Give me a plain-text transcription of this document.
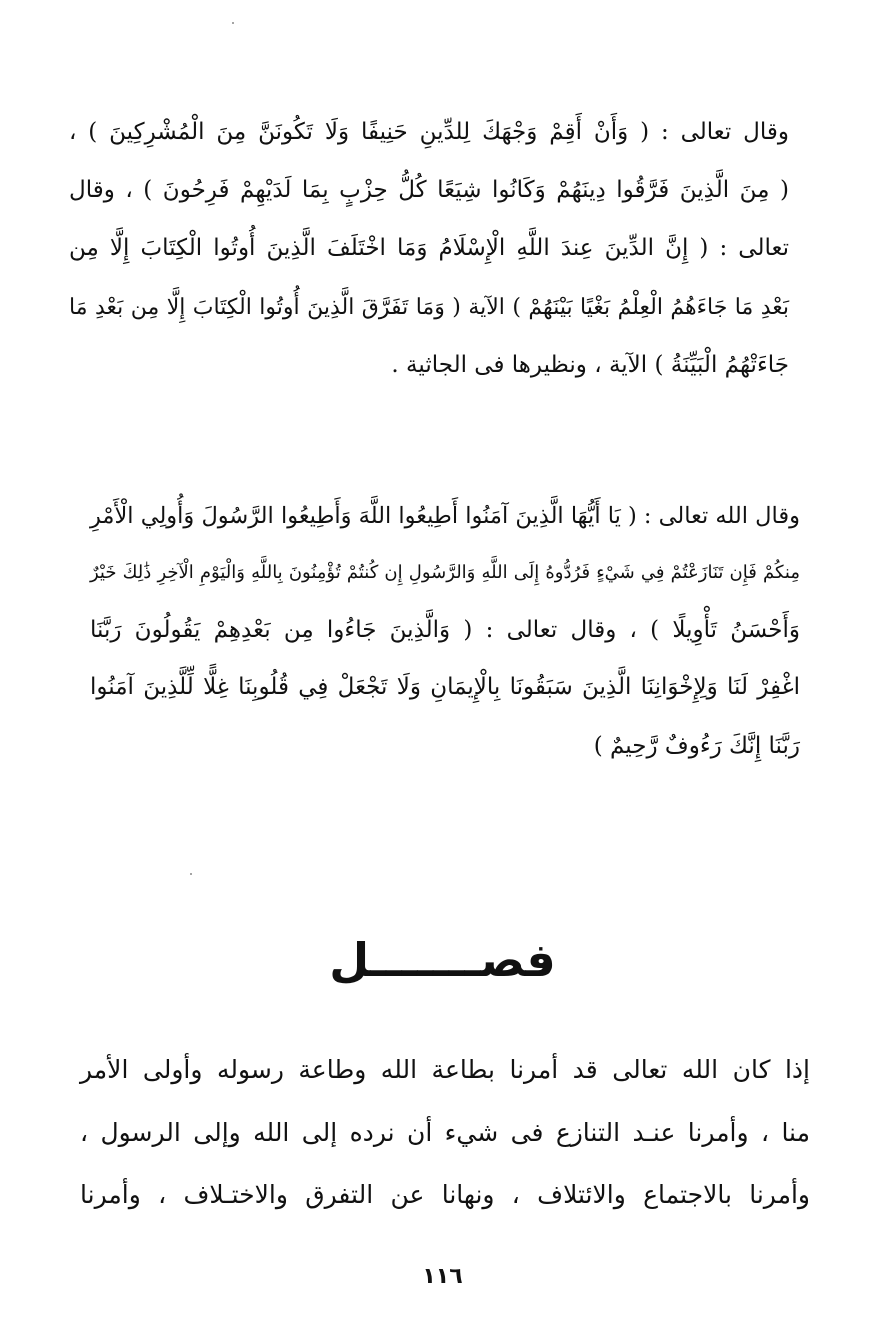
وقال تعالى : ( وَأَنْ أَقِمْ وَجْهَكَ لِلدِّينِ حَنِيفًا وَلَا تَكُونَنَّ مِنَ الْمُشْرِكِينَ ) ،
( مِنَ الَّذِينَ فَرَّقُوا دِينَهُمْ وَكَانُوا شِيَعًا كُلُّ حِزْبٍ بِمَا لَدَيْهِمْ فَرِحُونَ ) ، وقال
تعالى : ( إِنَّ الدِّينَ عِندَ اللَّهِ الْإِسْلَامُ وَمَا اخْتَلَفَ الَّذِينَ أُوتُوا الْكِتَابَ إِلَّا مِن
بَعْدِ مَا جَاءَهُمُ الْعِلْمُ بَغْيًا بَيْنَهُمْ ) الآية ( وَمَا تَفَرَّقَ الَّذِينَ أُوتُوا الْكِتَابَ إِلَّا مِن بَعْدِ مَا
جَاءَتْهُمُ الْبَيِّنَةُ ) الآية ، ونظيرها فى الجاثية .
وقال الله تعالى : ( يَا أَيُّهَا الَّذِينَ آمَنُوا أَطِيعُوا اللَّهَ وَأَطِيعُوا الرَّسُولَ وَأُولِي الْأَمْرِ
مِنكُمْ فَإِن تَنَازَعْتُمْ فِي شَيْءٍ فَرُدُّوهُ إِلَى اللَّهِ وَالرَّسُولِ إِن كُنتُمْ تُؤْمِنُونَ بِاللَّهِ وَالْيَوْمِ الْآخِرِ ذَٰلِكَ خَيْرٌ
وَأَحْسَنُ تَأْوِيلًا ) ، وقال تعالى : ( وَالَّذِينَ جَاءُوا مِن بَعْدِهِمْ يَقُولُونَ رَبَّنَا
اغْفِرْ لَنَا وَلِإِخْوَانِنَا الَّذِينَ سَبَقُونَا بِالْإِيمَانِ وَلَا تَجْعَلْ فِي قُلُوبِنَا غِلًّا لِّلَّذِينَ آمَنُوا
رَبَّنَا إِنَّكَ رَءُوفٌ رَّحِيمٌ )
فصـــــــل
إذا كان الله تعالى قد أمرنا بطاعة الله وطاعة رسوله وأولى الأمر
منا ، وأمرنا عنـد التنازع فى شيء أن نرده إلى الله وإلى الرسول ،
وأمرنا بالاجتماع والائتلاف ، ونهانا عن التفرق والاختـلاف ، وأمرنا
١١٦
